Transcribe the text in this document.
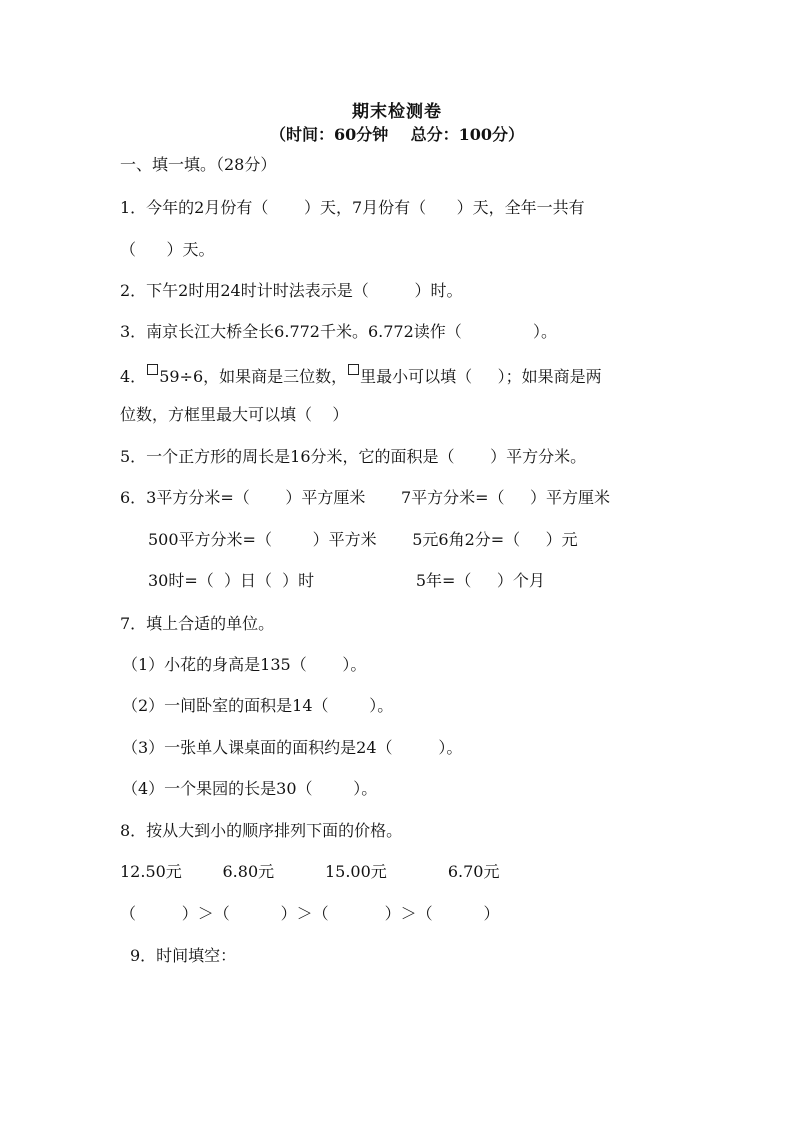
期末检测卷
（时间：60分钟    总分：100分）
一、填一填。（28分）
1．今年的2月份有（       ）天，7月份有（      ）天，全年一共有
（      ）天。
2．下午2时用24时计时法表示是（         ）时。
3．南京长江大桥全长6.772千米。6.772读作（              ）。
4． 59÷6，如果商是三位数， 里最小可以填（     ）；如果商是两
位数，方框里最大可以填（    ）
5．一个正方形的周长是16分米，它的面积是（       ）平方分米。
6．3平方分米=（       ）平方厘米       7平方分米=（     ）平方厘米
500平方分米=（        ）平方米       5元6角2分=（     ）元
30时=（  ）日（  ）时                    5年=（     ）个月
7．填上合适的单位。
（1）小花的身高是135（       ）。
（2）一间卧室的面积是14（        ）。
（3）一张单人课桌面的面积约是24（         ）。
（4）一个果园的长是30（        ）。
8．按从大到小的顺序排列下面的价格。
12.50元        6.80元          15.00元            6.70元
（         ）＞（          ）＞（           ）＞（          ）
9．时间填空：
